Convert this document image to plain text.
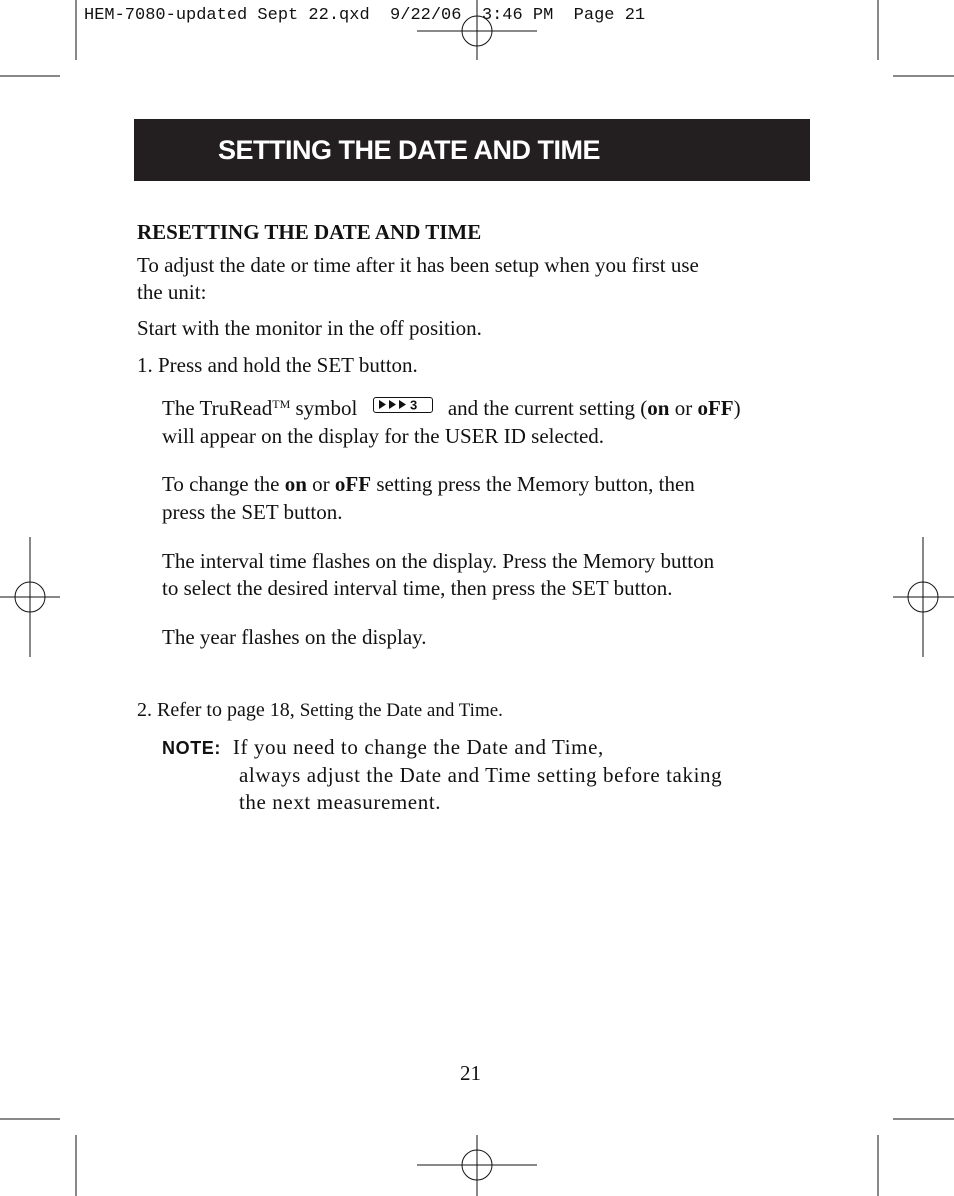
HEM-7080-updated Sept 22.qxd  9/22/06  3:46 PM  Page 21
SETTING THE DATE AND TIME
RESETTING THE DATE AND TIME
To adjust the date or time after it has been setup when you first use
the unit:
Start with the monitor in the off position.
1. Press and hold the SET button.
The TruRead™ symbol	3 and the current setting (on or oFF)
will appear on the display for the USER ID selected.
To change the on or oFF setting press the Memory button, then
press the SET button.
The interval time flashes on the display. Press the Memory button
to select the desired interval time, then press the SET button.
The year flashes on the display.
2. Refer to page 18, Setting the Date and Time.
NOTE: If you need to change the Date and Time,
always adjust the Date and Time setting before taking
the next measurement.
21
